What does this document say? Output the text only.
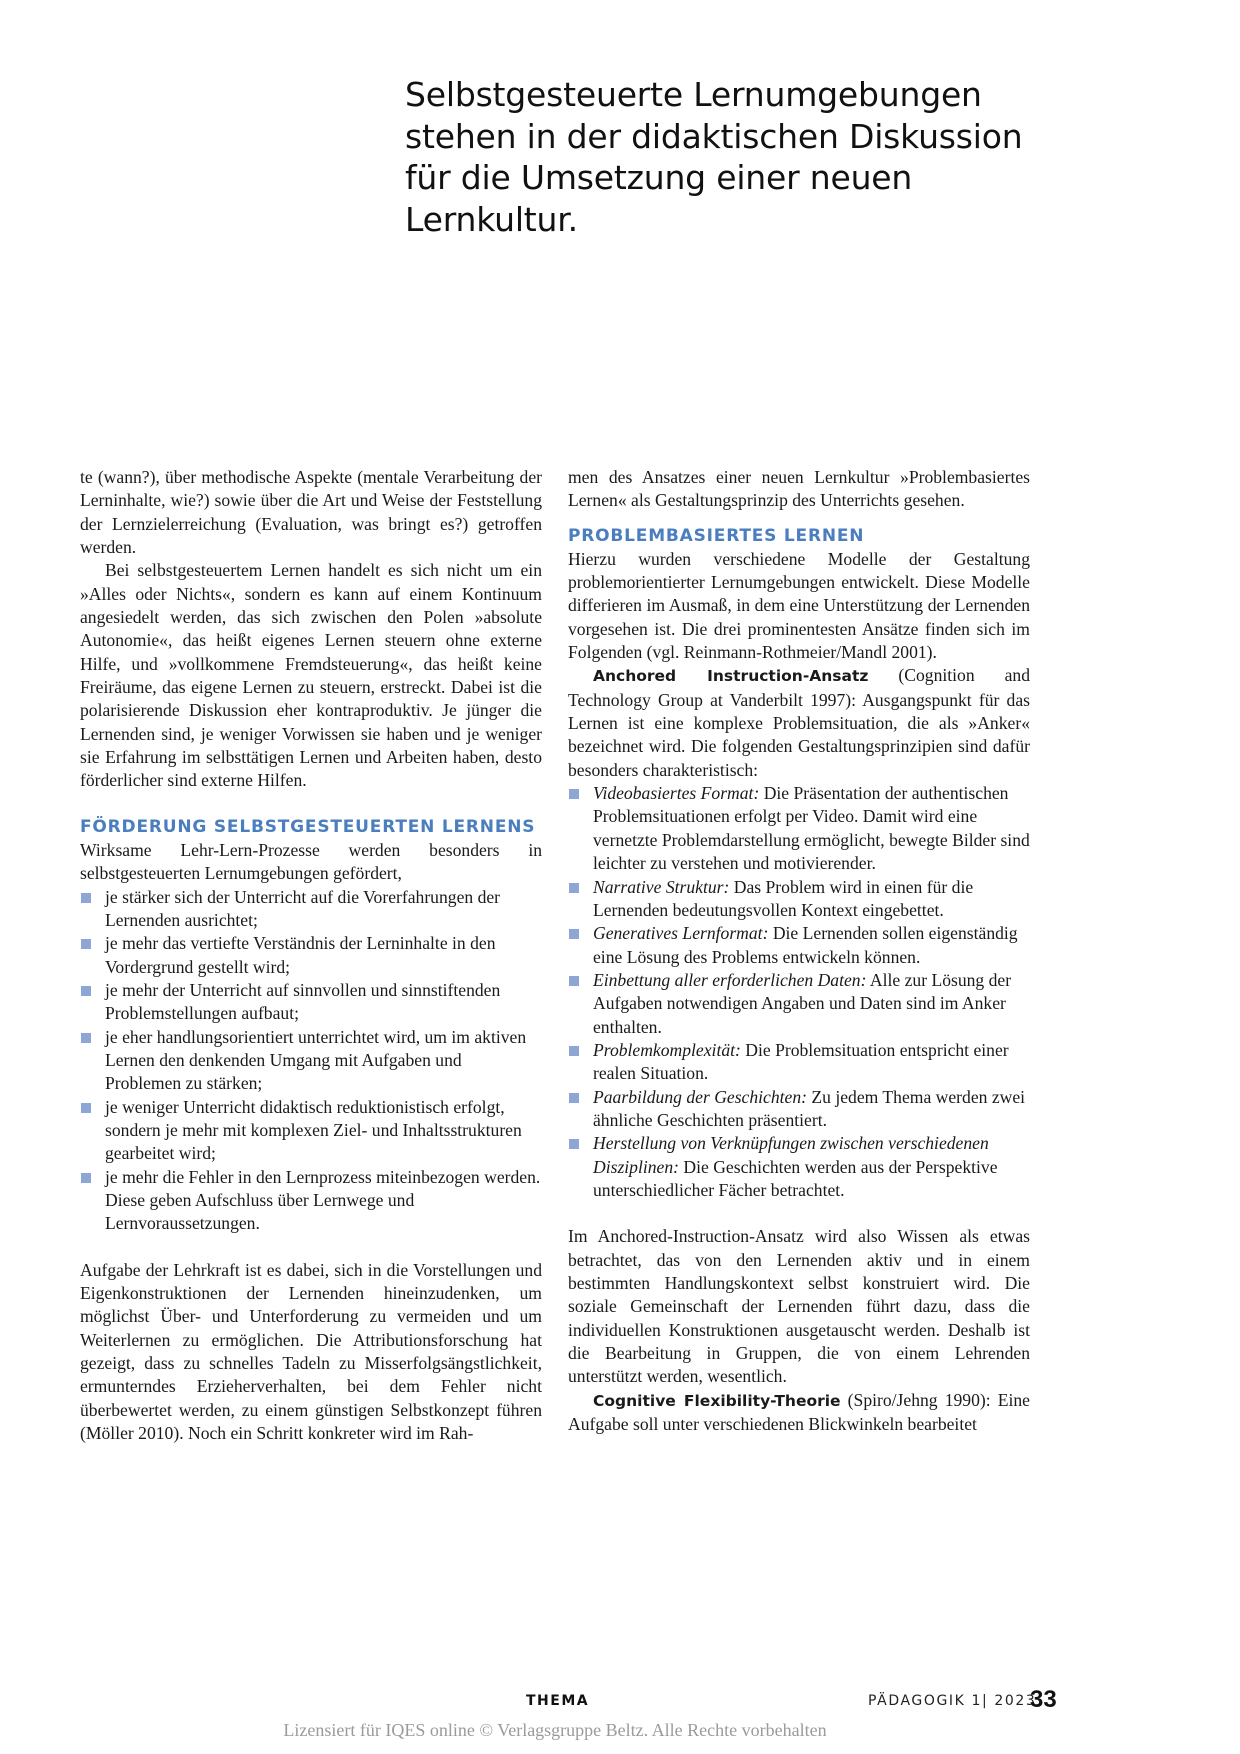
Selbstgesteuerte Lernumgebungen stehen in der didaktischen Diskussion für die Umsetzung einer neuen Lernkultur.

te (wann?), über methodische Aspekte (mentale Verarbeitung der Lerninhalte, wie?) sowie über die Art und Weise der Feststellung der Lernzielerreichung (Evaluation, was bringt es?) getroffen werden.

Bei selbstgesteuertem Lernen handelt es sich nicht um ein »Alles oder Nichts«, sondern es kann auf einem Kontinuum angesiedelt werden, das sich zwischen den Polen »absolute Autonomie«, das heißt eigenes Lernen steuern ohne externe Hilfe, und »vollkommene Fremdsteuerung«, das heißt keine Freiräume, das eigene Lernen zu steuern, erstreckt. Dabei ist die polarisierende Diskussion eher kontraproduktiv. Je jünger die Lernenden sind, je weniger Vorwissen sie haben und je weniger sie Erfahrung im selbsttätigen Lernen und Arbeiten haben, desto förderlicher sind externe Hilfen.

FÖRDERUNG SELBSTGESTEUERTEN LERNENS

Wirksame Lehr-Lern-Prozesse werden besonders in selbstgesteuerten Lernumgebungen gefördert,

je stärker sich der Unterricht auf die Vorerfahrungen der Lernenden ausrichtet;
je mehr das vertiefte Verständnis der Lerninhalte in den Vordergrund gestellt wird;
je mehr der Unterricht auf sinnvollen und sinnstiftenden Problemstellungen aufbaut;
je eher handlungsorientiert unterrichtet wird, um im aktiven Lernen den denkenden Umgang mit Aufgaben und Problemen zu stärken;
je weniger Unterricht didaktisch reduktionistisch erfolgt, sondern je mehr mit komplexen Ziel- und Inhaltsstrukturen gearbeitet wird;
je mehr die Fehler in den Lernprozess miteinbezogen werden. Diese geben Aufschluss über Lernwege und Lernvoraussetzungen.

Aufgabe der Lehrkraft ist es dabei, sich in die Vorstellungen und Eigenkonstruktionen der Lernenden hineinzudenken, um möglichst Über- und Unterforderung zu vermeiden und um Weiterlernen zu ermöglichen. Die Attributionsforschung hat gezeigt, dass zu schnelles Tadeln zu Misserfolgsängstlichkeit, ermunterndes Erzieherverhalten, bei dem Fehler nicht überbewertet werden, zu einem günstigen Selbstkonzept führen (Möller 2010). Noch ein Schritt konkreter wird im Rah-

men des Ansatzes einer neuen Lernkultur »Problembasiertes Lernen« als Gestaltungsprinzip des Unterrichts gesehen.

PROBLEMBASIERTES LERNEN

Hierzu wurden verschiedene Modelle der Gestaltung problemorientierter Lernumgebungen entwickelt. Diese Modelle differieren im Ausmaß, in dem eine Unterstützung der Lernenden vorgesehen ist. Die drei prominentesten Ansätze finden sich im Folgenden (vgl. Reinmann-Rothmeier/Mandl 2001).

Anchored Instruction-Ansatz (Cognition and Technology Group at Vanderbilt 1997): Ausgangspunkt für das Lernen ist eine komplexe Problemsituation, die als »Anker« bezeichnet wird. Die folgenden Gestaltungsprinzipien sind dafür besonders charakteristisch:

Videobasiertes Format: Die Präsentation der authentischen Problemsituationen erfolgt per Video. Damit wird eine vernetzte Problemdarstellung ermöglicht, bewegte Bilder sind leichter zu verstehen und motivierender.
Narrative Struktur: Das Problem wird in einen für die Lernenden bedeutungsvollen Kontext eingebettet.
Generatives Lernformat: Die Lernenden sollen eigenständig eine Lösung des Problems entwickeln können.
Einbettung aller erforderlichen Daten: Alle zur Lösung der Aufgaben notwendigen Angaben und Daten sind im Anker enthalten.
Problemkomplexität: Die Problemsituation entspricht einer realen Situation.
Paarbildung der Geschichten: Zu jedem Thema werden zwei ähnliche Geschichten präsentiert.
Herstellung von Verknüpfungen zwischen verschiedenen Disziplinen: Die Geschichten werden aus der Perspektive unterschiedlicher Fächer betrachtet.

Im Anchored-Instruction-Ansatz wird also Wissen als etwas betrachtet, das von den Lernenden aktiv und in einem bestimmten Handlungskontext selbst konstruiert wird. Die soziale Gemeinschaft der Lernenden führt dazu, dass die individuellen Konstruktionen ausgetauscht werden. Deshalb ist die Bearbeitung in Gruppen, die von einem Lehrenden unterstützt werden, wesentlich.

Cognitive Flexibility-Theorie (Spiro/Jehng 1990): Eine Aufgabe soll unter verschiedenen Blickwinkeln bearbeitet

THEMA	PÄDAGOGIK 1| 2023
33
Lizensiert für IQES online © Verlagsgruppe Beltz. Alle Rechte vorbehalten
